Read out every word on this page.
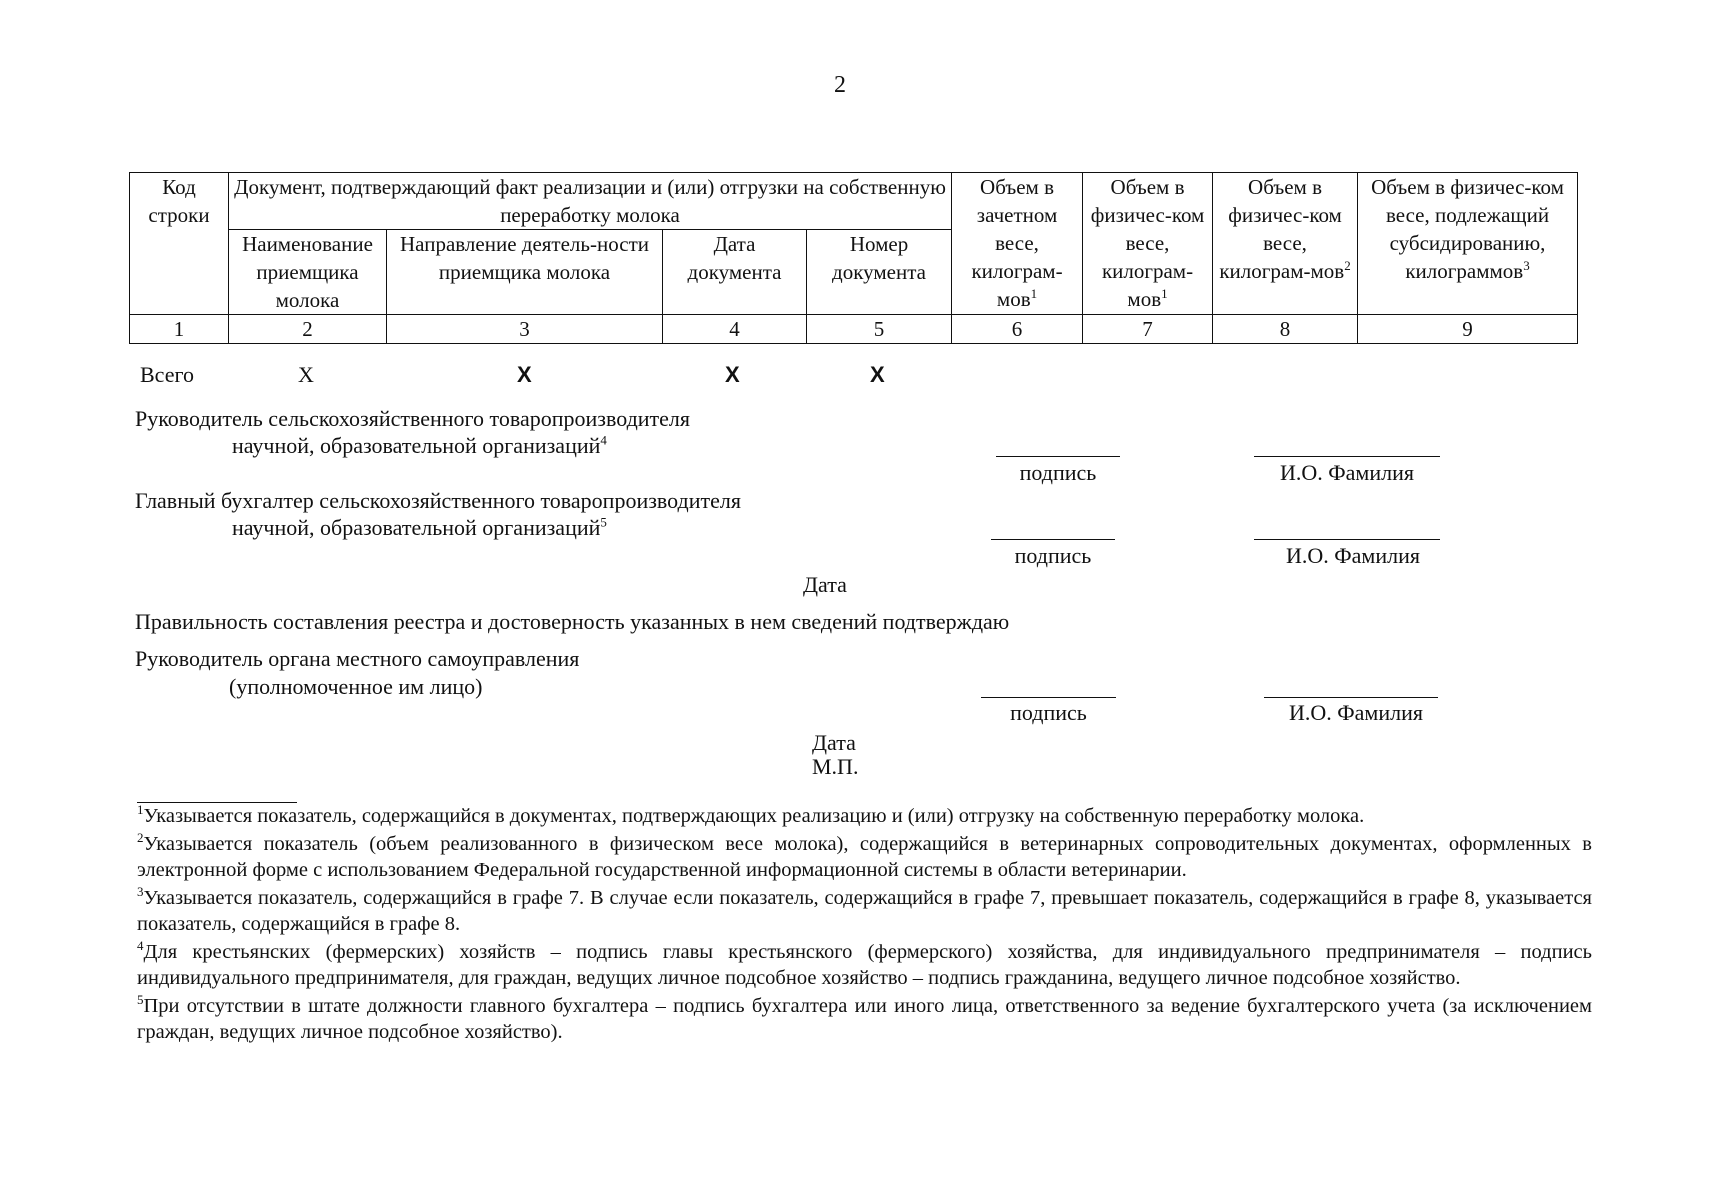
2
Код строки	Документ, подтверждающий факт реализации и (или) отгрузки на собственную переработку молока				Объем в зачетном весе, килограм-мов$^1$	Объем в физичес-ком весе, килограм-мов$^1$	Объем в физичес-ком весе, килограм-мов$^2$	Объем в физичес-ком весе, подлежащий субсидированию, килограммов$^3$
	Наименование приемщика молока	Направление деятель-ности приемщика молока	Дата документа	Номер документа				
1	2	3	4	5	6	7	8	9
Всего	X	X	X	X
Руководитель сельскохозяйственного товаропроизводителя
научной, образовательной организаций$^4$
подпись	И.О. Фамилия
Главный бухгалтер сельскохозяйственного товаропроизводителя
научной, образовательной организаций$^5$
подпись	И.О. Фамилия
Дата
Правильность составления реестра и достоверность указанных в нем сведений подтверждаю
Руководитель органа местного самоуправления
(уполномоченное им лицо)
подпись	И.О. Фамилия
Дата
М.П.

$^1$Указывается показатель, содержащийся в документах, подтверждающих реализацию и (или) отгрузку на собственную переработку молока.

$^2$Указывается показатель (объем реализованного в физическом весе молока), содержащийся в ветеринарных сопроводительных документах, оформленных в электронной форме с использованием Федеральной государственной информационной системы в области ветеринарии.

$^3$Указывается показатель, содержащийся в графе 7. В случае если показатель, содержащийся в графе 7, превышает показатель, содержащийся в графе 8, указывается показатель, содержащийся в графе 8.

$^4$Для крестьянских (фермерских) хозяйств – подпись главы крестьянского (фермерского) хозяйства, для индивидуального предпринимателя – подпись индивидуального предпринимателя, для граждан, ведущих личное подсобное хозяйство – подпись гражданина, ведущего личное подсобное хозяйство.

$^5$При отсутствии в штате должности главного бухгалтера – подпись бухгалтера или иного лица, ответственного за ведение бухгалтерского учета (за исключением граждан, ведущих личное подсобное хозяйство).
